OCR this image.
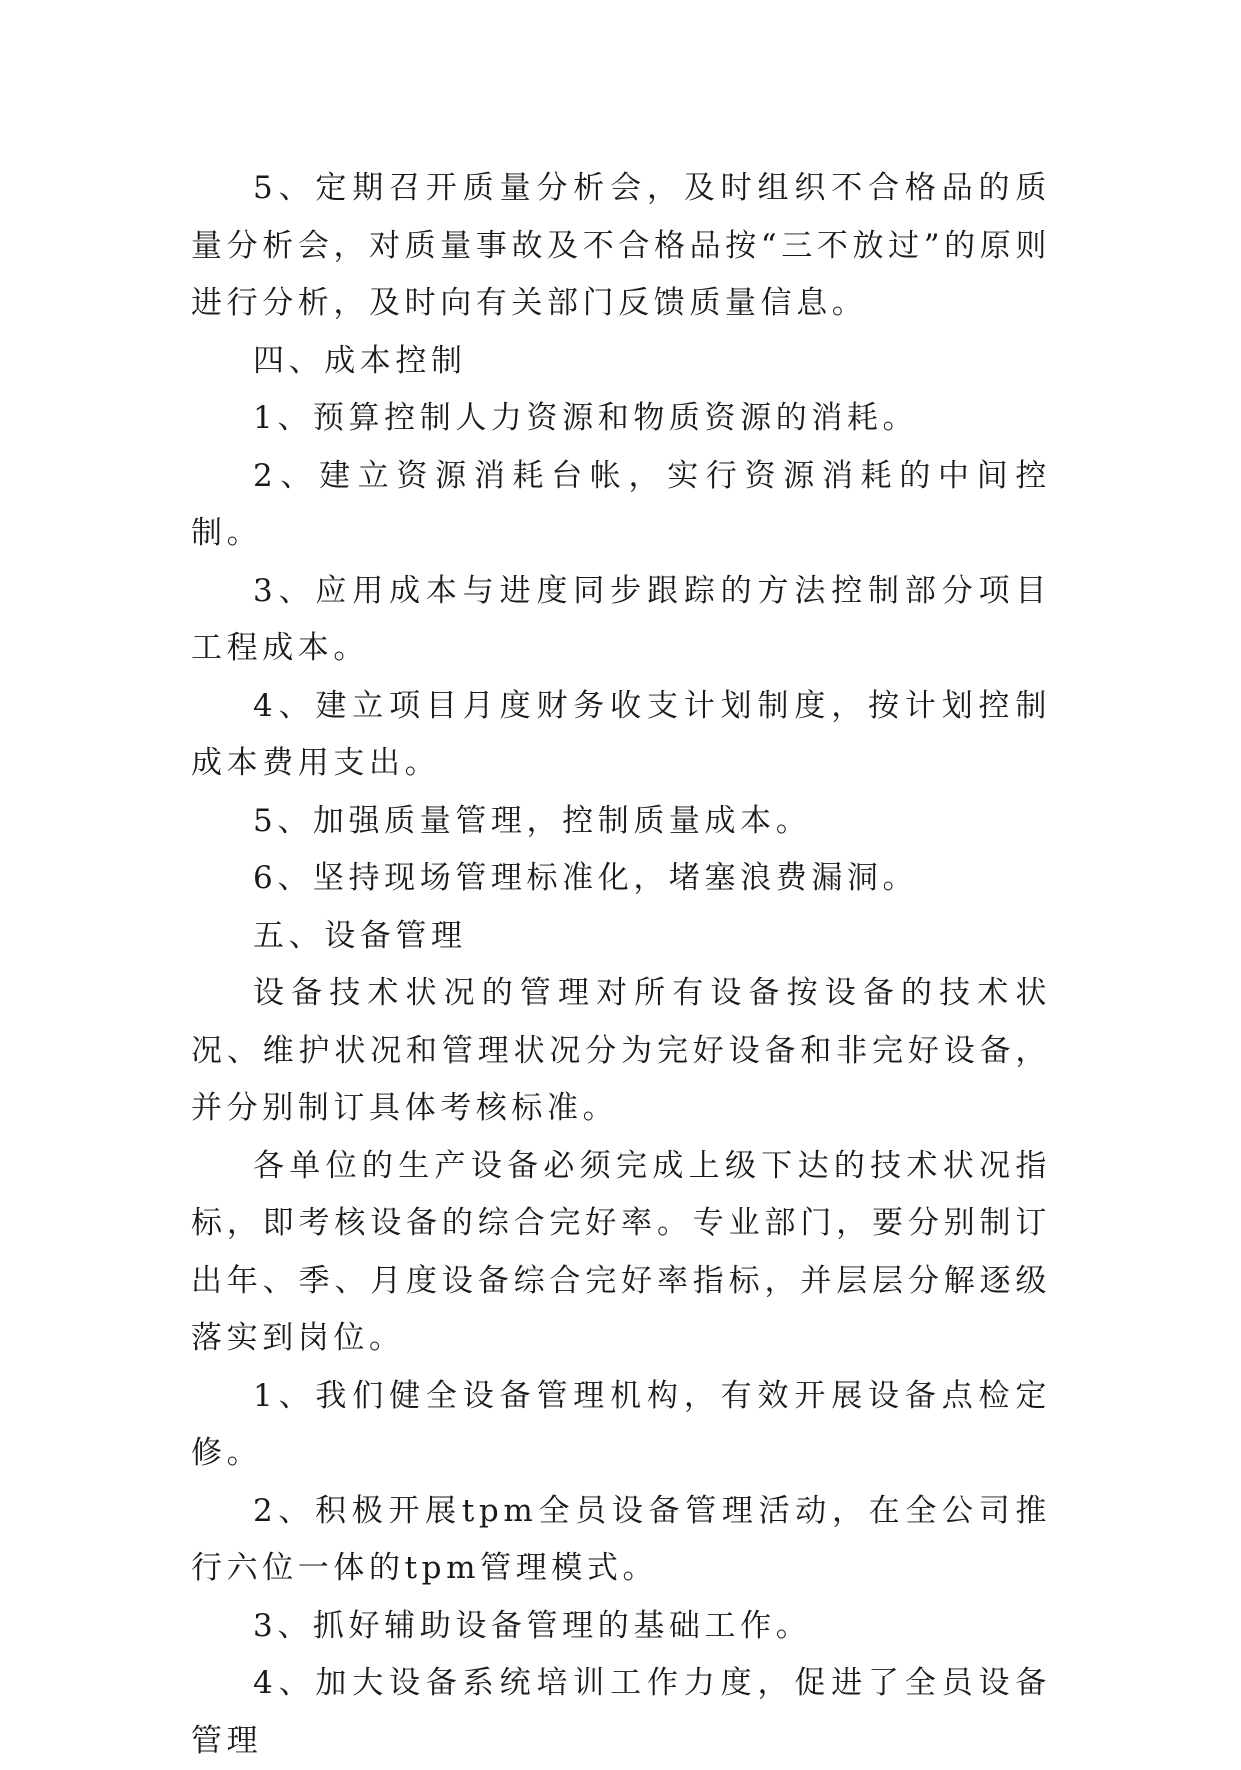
5、定期召开质量分析会，及时组织不合格品的质量分析会，对质量事故及不合格品按“三不放过”的原则进行分析，及时向有关部门反馈质量信息。

四、成本控制

1、预算控制人力资源和物质资源的消耗。

2、建立资源消耗台帐，实行资源消耗的中间控制。

3、应用成本与进度同步跟踪的方法控制部分项目工程成本。

4、建立项目月度财务收支计划制度，按计划控制成本费用支出。

5、加强质量管理，控制质量成本。

6、坚持现场管理标准化，堵塞浪费漏洞。

五、设备管理

设备技术状况的管理对所有设备按设备的技术状况、维护状况和管理状况分为完好设备和非完好设备，并分别制订具体考核标准。

各单位的生产设备必须完成上级下达的技术状况指标，即考核设备的综合完好率。专业部门，要分别制订出年、季、月度设备综合完好率指标，并层层分解逐级落实到岗位。

1、我们健全设备管理机构，有效开展设备点检定修。

2、积极开展tpm全员设备管理活动，在全公司推行六位一体的tpm管理模式。

3、抓好辅助设备管理的基础工作。

4、加大设备系统培训工作力度，促进了全员设备管理
